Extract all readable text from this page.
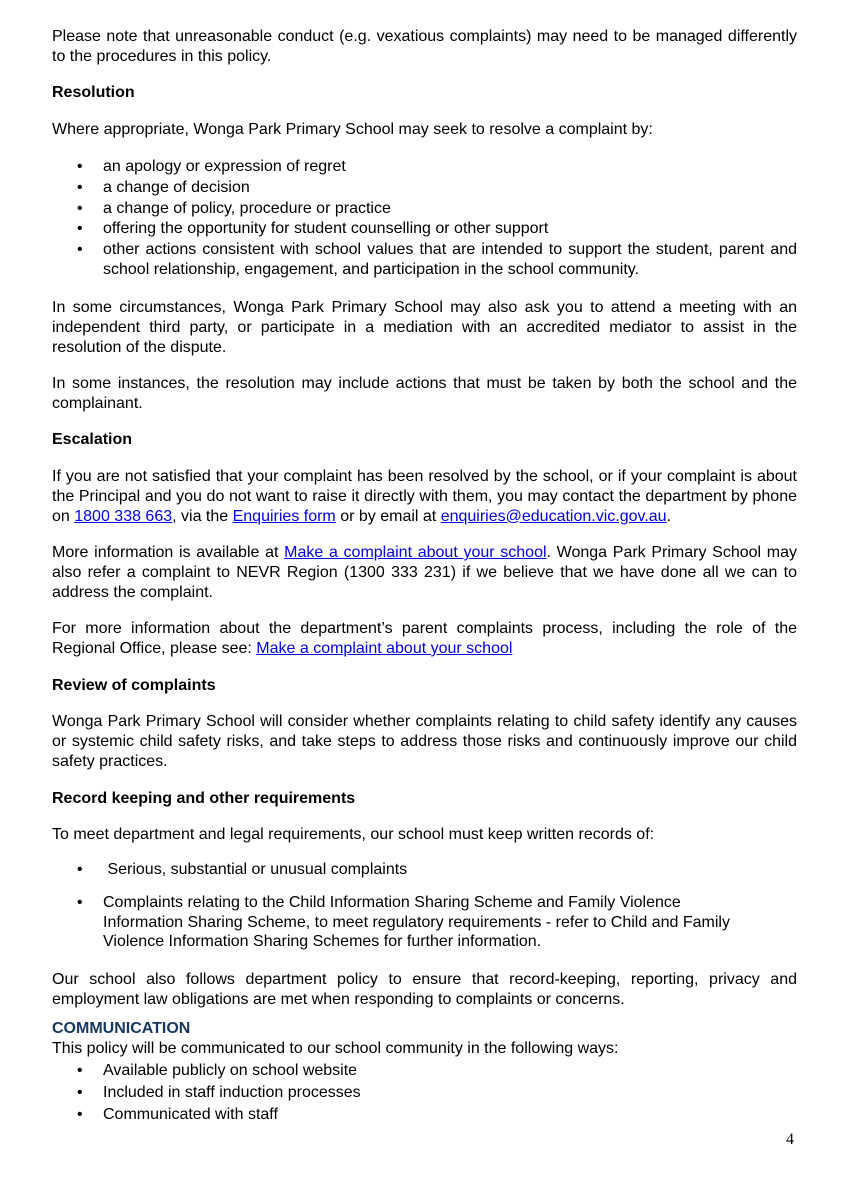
Please note that unreasonable conduct (e.g. vexatious complaints) may need to be managed differently to the procedures in this policy.

Resolution

Where appropriate, Wonga Park Primary School may seek to resolve a complaint by:

• an apology or expression of regret
• a change of decision
• a change of policy, procedure or practice
• offering the opportunity for student counselling or other support
• other actions consistent with school values that are intended to support the student, parent and school relationship, engagement, and participation in the school community.

In some circumstances, Wonga Park Primary School may also ask you to attend a meeting with an independent third party, or participate in a mediation with an accredited mediator to assist in the resolution of the dispute.

In some instances, the resolution may include actions that must be taken by both the school and the complainant.

Escalation

If you are not satisfied that your complaint has been resolved by the school, or if your complaint is about the Principal and you do not want to raise it directly with them, you may contact the department by phone on 1800 338 663, via the Enquiries form or by email at enquiries@education.vic.gov.au.

More information is available at Make a complaint about your school. Wonga Park Primary School may also refer a complaint to NEVR Region (1300 333 231) if we believe that we have done all we can to address the complaint.

For more information about the department’s parent complaints process, including the role of the Regional Office, please see: Make a complaint about your school

Review of complaints

Wonga Park Primary School will consider whether complaints relating to child safety identify any causes or systemic child safety risks, and take steps to address those risks and continuously improve our child safety practices.

Record keeping and other requirements

To meet department and legal requirements, our school must keep written records of:

• Serious, substantial or unusual complaints
• Complaints relating to the Child Information Sharing Scheme and Family Violence Information Sharing Scheme, to meet regulatory requirements - refer to Child and Family Violence Information Sharing Schemes for further information.

Our school also follows department policy to ensure that record-keeping, reporting, privacy and employment law obligations are met when responding to complaints or concerns.

COMMUNICATION

This policy will be communicated to our school community in the following ways:

• Available publicly on school website
• Included in staff induction processes
• Communicated with staff
4
